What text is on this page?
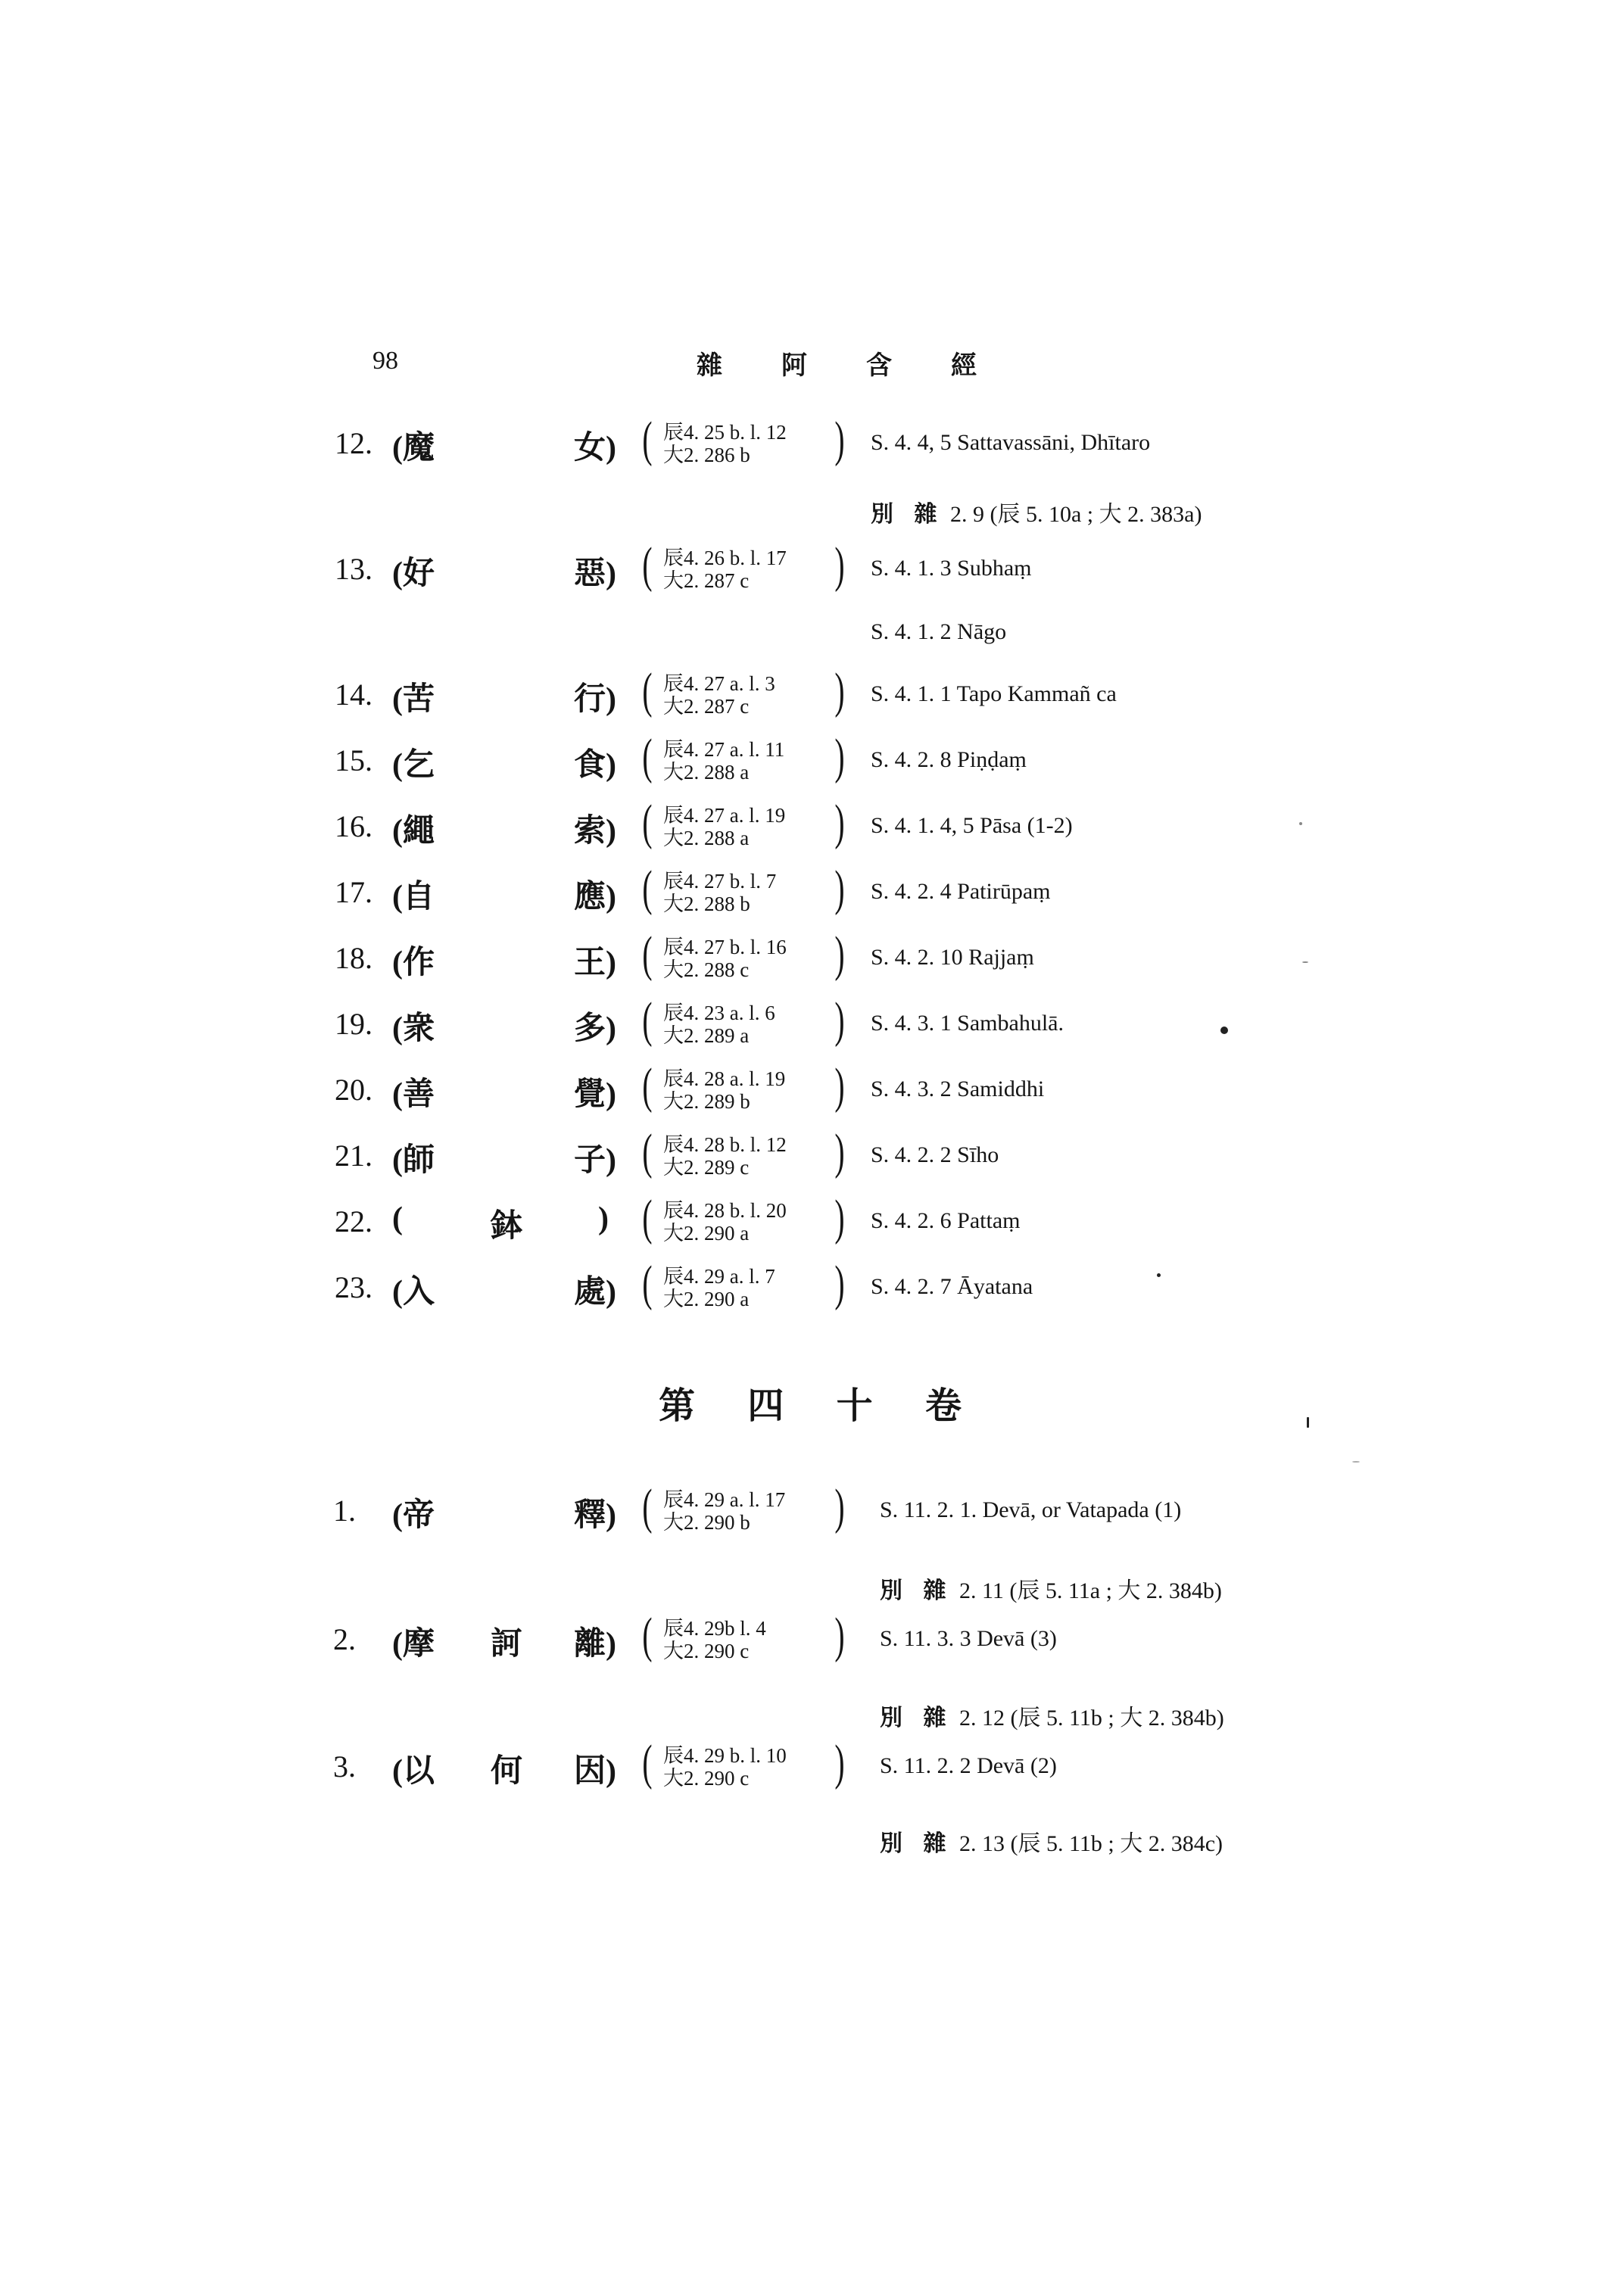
98	雜 阿 含 經
12. (魔	女) ( 辰4. 25 b. l. 12
大2. 286 b ) S. 4. 4, 5 Sattavassāni, Dhītaro
別 雜 2. 9 (辰 5. 10a ; 大 2. 383a)
13. (好	惡) ( 辰4. 26 b. l. 17
大2. 287 c ) S. 4. 1. 3 Subhaṃ
S. 4. 1. 2 Nāgo
14. (苦	行) ( 辰4. 27 a. l. 3
大2. 287 c ) S. 4. 1. 1 Tapo Kammañ ca
15. (乞	食) ( 辰4. 27 a. l. 11
大2. 288 a ) S. 4. 2. 8 Piṇḍaṃ
16. (繩	索) ( 辰4. 27 a. l. 19
大2. 288 a ) S. 4. 1. 4, 5 Pāsa (1-2)
17. (自	應) ( 辰4. 27 b. l. 7
大2. 288 b ) S. 4. 2. 4 Patirūpaṃ
18. (作	王) ( 辰4. 27 b. l. 16
大2. 288 c ) S. 4. 2. 10 Rajjaṃ
19. (衆	多) ( 辰4. 23 a. l. 6
大2. 289 a ) S. 4. 3. 1 Sambahulā.
20. (善	覺) ( 辰4. 28 a. l. 19
大2. 289 b ) S. 4. 3. 2 Samiddhi
21. (師	子) ( 辰4. 28 b. l. 12
大2. 289 c ) S. 4. 2. 2 Sīho
22. (	鉢 ) ( 辰4. 28 b. l. 20
大2. 290 a ) S. 4. 2. 6 Pattaṃ
23. (入	處) ( 辰4. 29 a. l. 7
大2. 290 a ) S. 4. 2. 7 Āyatana
第 四 十 卷
1. (帝	釋) ( 辰4. 29 a. l. 17
大2. 290 b ) S. 11. 2. 1. Devā, or Vatapada (1)
別 雜 2. 11 (辰 5. 11a ; 大 2. 384b)
2. (摩 訶 離) ( 辰4. 29b l. 4
大2. 290 c ) S. 11. 3. 3 Devā (3)
別 雜 2. 12 (辰 5. 11b ; 大 2. 384b)
3. (以 何 因) ( 辰4. 29 b. l. 10
大2. 290 c ) S. 11. 2. 2 Devā (2)
別 雜 2. 13 (辰 5. 11b ; 大 2. 384c)
